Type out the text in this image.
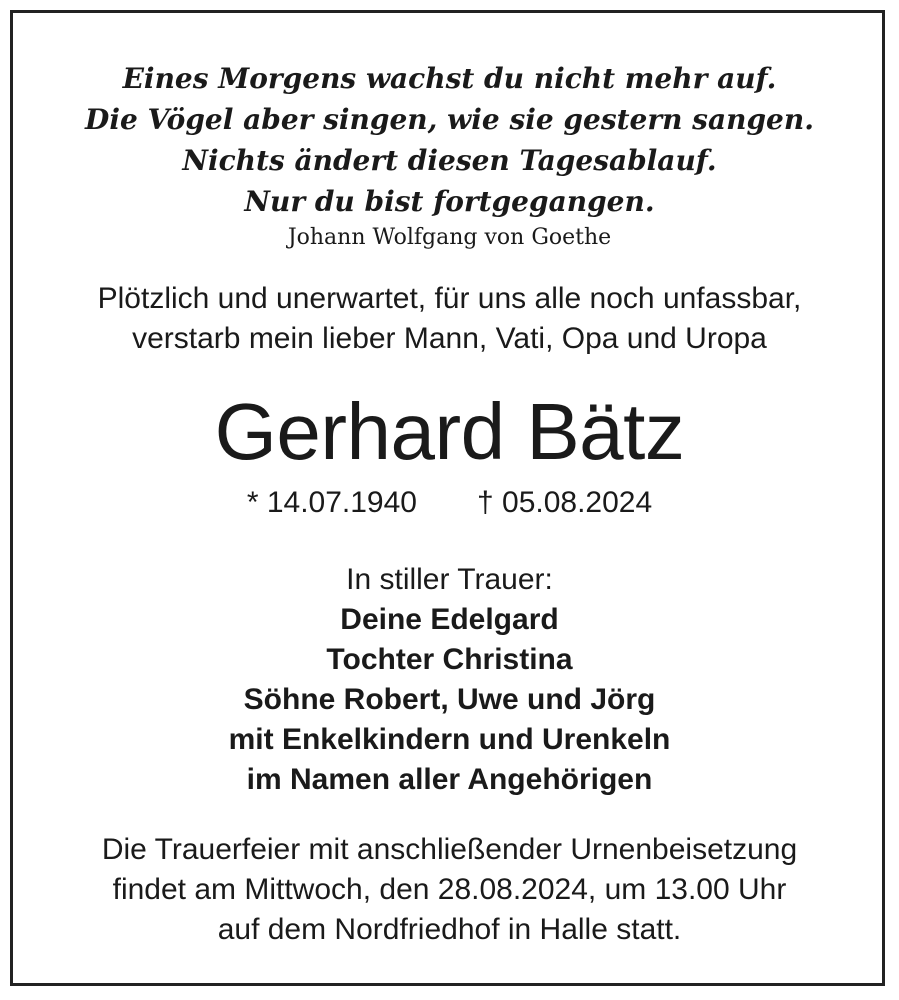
Eines Morgens wachst du nicht mehr auf.
Die Vögel aber singen, wie sie gestern sangen.
Nichts ändert diesen Tagesablauf.
Nur du bist fortgegangen.
Johann Wolfgang von Goethe
Plötzlich und unerwartet, für uns alle noch unfassbar,
verstarb mein lieber Mann, Vati, Opa und Uropa
Gerhard Bätz
* 14.07.1940 † 05.08.2024
In stiller Trauer:
Deine Edelgard
Tochter Christina
Söhne Robert, Uwe und Jörg
mit Enkelkindern und Urenkeln
im Namen aller Angehörigen
Die Trauerfeier mit anschließender Urnenbeisetzung
findet am Mittwoch, den 28.08.2024, um 13.00 Uhr
auf dem Nordfriedhof in Halle statt.
